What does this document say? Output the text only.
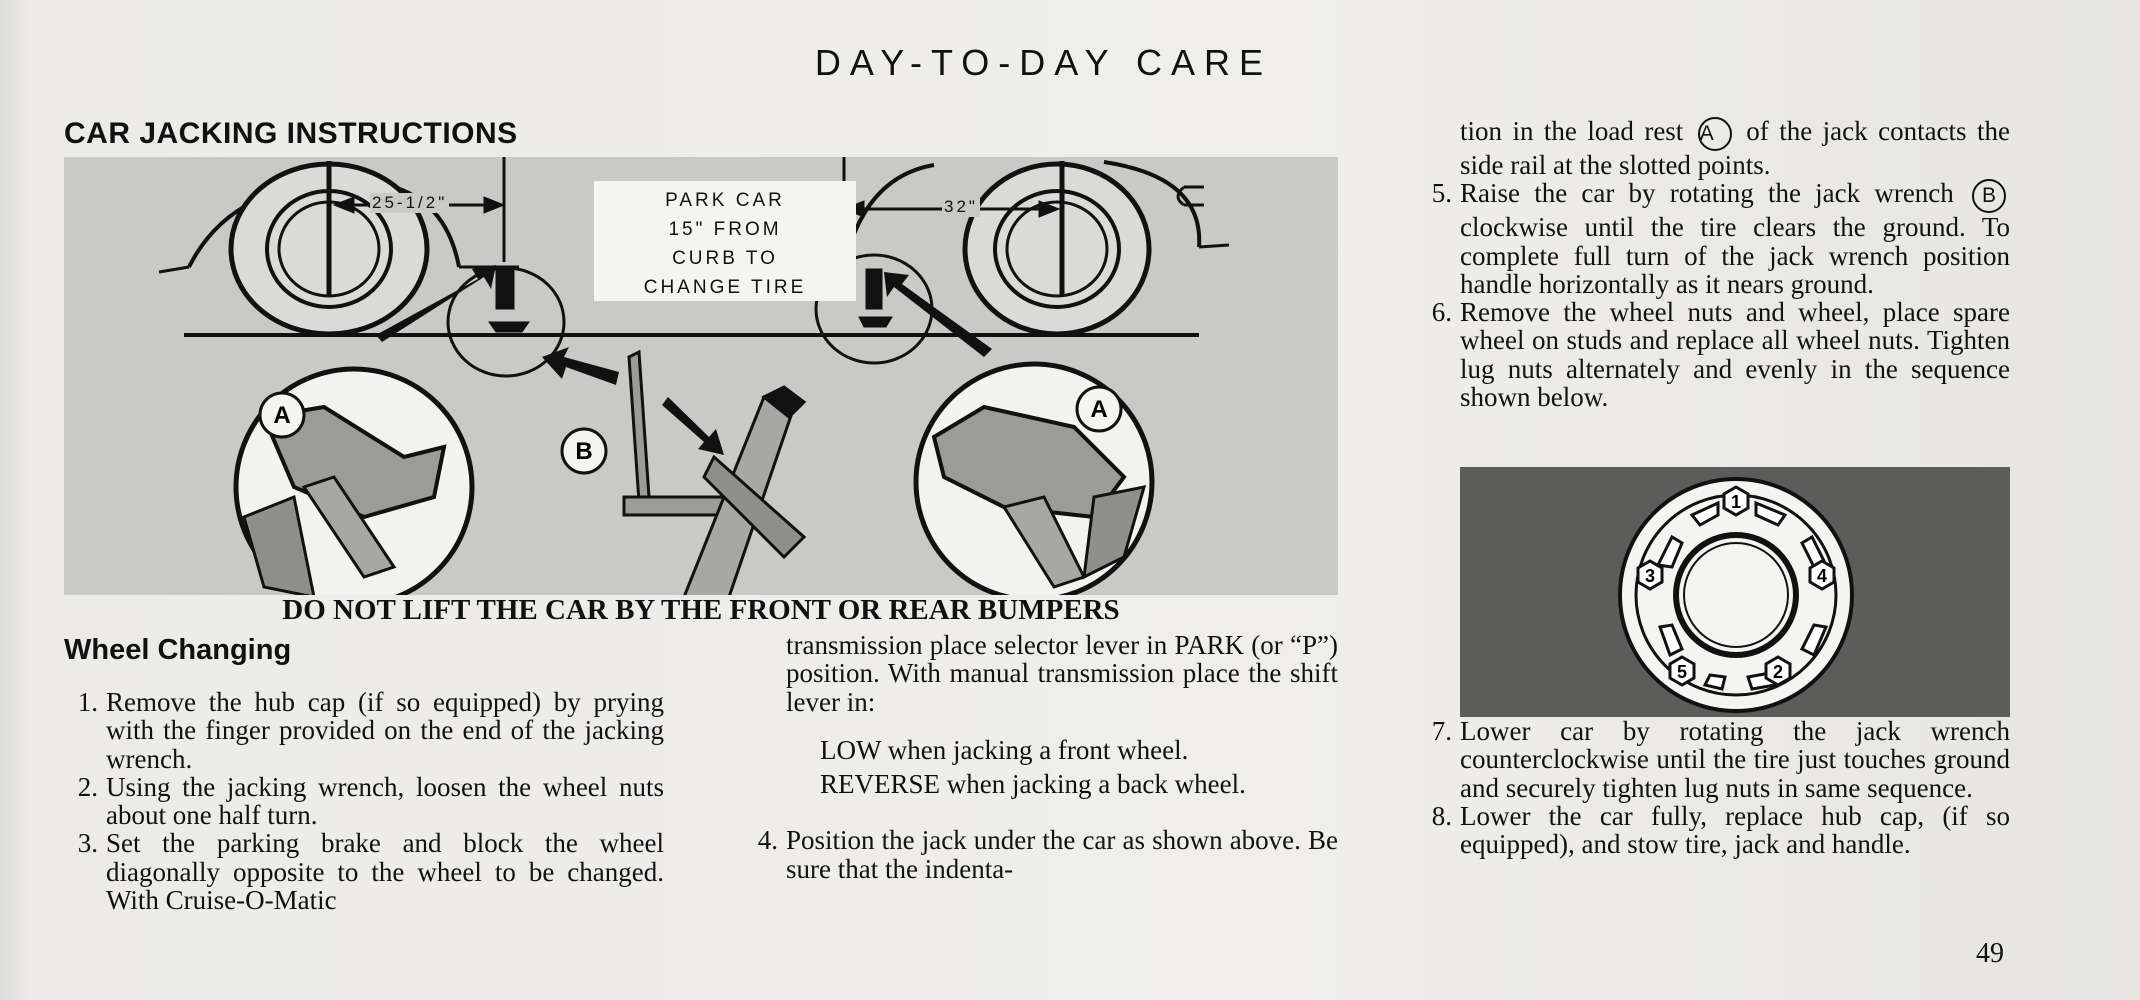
DAY-TO-DAY CARE
CAR JACKING INSTRUCTIONS
A
B
A
25-1/2"	32"
PARK CAR
15" FROM
CURB TO
CHANGE TIRE
DO NOT LIFT THE CAR BY THE FRONT OR REAR BUMPERS
Wheel Changing
1. Remove the hub cap (if so equipped) by prying with the finger provided on the end of the jacking wrench.
2. Using the jacking wrench, loosen the wheel nuts about one half turn.
3. Set the parking brake and block the wheel diagonally opposite to the wheel to be changed. With Cruise-O-Matic

transmission place selector lever in PARK (or “P”) position. With manual transmission place the shift lever in:

LOW when jacking a front wheel.

REVERSE when jacking a back wheel.

4. Position the jack under the car as shown above. Be sure that the indenta-

tion in the load rest A of the jack contacts the side rail at the slotted points.

5. Raise the car by rotating the jack wrench B clockwise until the tire clears the ground. To complete full turn of the jack wrench position handle horizontally as it nears ground.
6. Remove the wheel nuts and wheel, place spare wheel on studs and replace all wheel nuts. Tighten lug nuts alternately and evenly in the sequence shown below.
1
2
3	4
5
7. Lower car by rotating the jack wrench counterclockwise until the tire just touches ground and securely tighten lug nuts in same sequence.
8. Lower the car fully, replace hub cap, (if so equipped), and stow tire, jack and handle.
49
